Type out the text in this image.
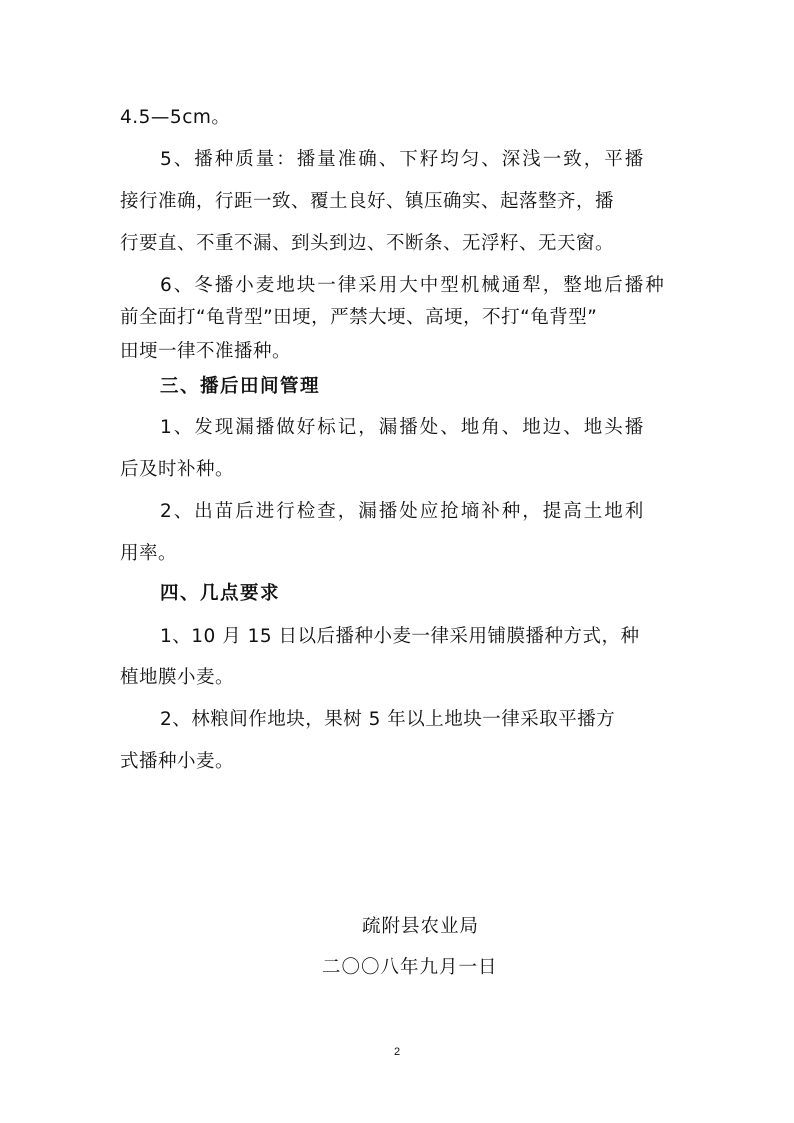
4.5—5cm。
5、播种质量：播量准确、下籽均匀、深浅一致，平播
接行准确，行距一致、覆土良好、镇压确实、起落整齐，播
行要直、不重不漏、到头到边、不断条、无浮籽、无天窗。
6、冬播小麦地块一律采用大中型机械通犁，整地后播种
前全面打“龟背型”田埂，严禁大埂、高埂，不打“龟背型”
田埂一律不准播种。
三、播后田间管理
1、发现漏播做好标记，漏播处、地角、地边、地头播
后及时补种。
2、出苗后进行检查，漏播处应抢墒补种，提高土地利
用率。
四、几点要求
1、10 月 15 日以后播种小麦一律采用铺膜播种方式，种
植地膜小麦。
2、林粮间作地块，果树 5 年以上地块一律采取平播方
式播种小麦。
疏附县农业局
二〇〇八年九月一日
2
